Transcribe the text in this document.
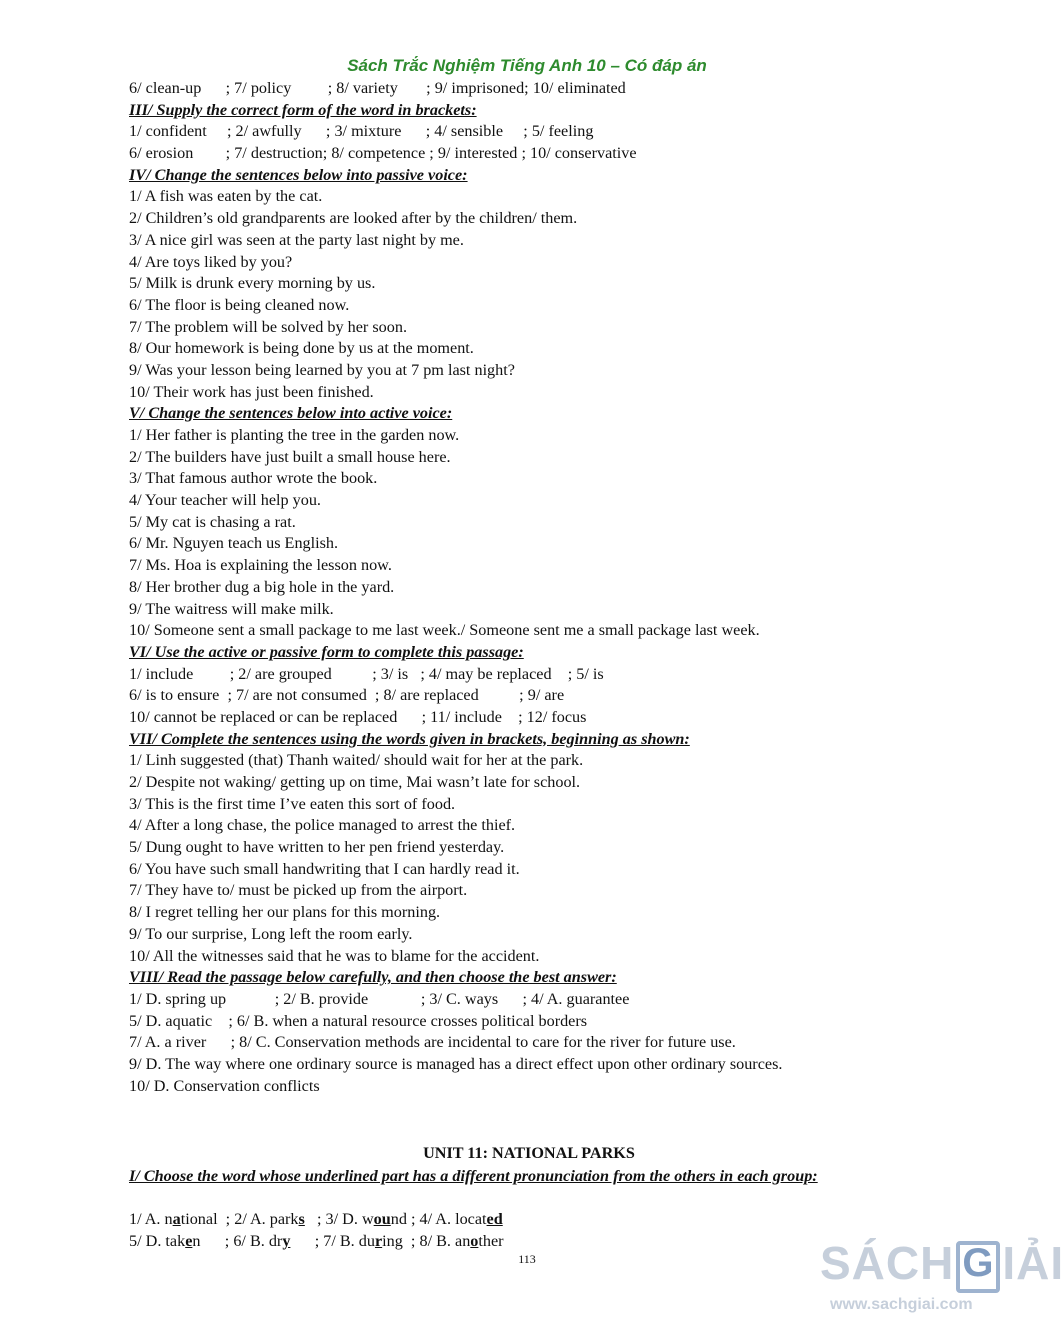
Sách Trắc Nghiệm Tiếng Anh 10 – Có đáp án
6/ clean-up      ; 7/ policy         ; 8/ variety       ; 9/ imprisoned; 10/ eliminated
III/ Supply the correct form of the word in brackets:
1/ confident     ; 2/ awfully      ; 3/ mixture      ; 4/ sensible     ; 5/ feeling
6/ erosion        ; 7/ destruction; 8/ competence ; 9/ interested ; 10/ conservative
IV/ Change the sentences below into passive voice:
1/ A fish was eaten by the cat.
2/ Children’s old grandparents are looked after by the children/ them.
3/ A nice girl was seen at the party last night by me.
4/ Are toys liked by you?
5/ Milk is drunk every morning by us.
6/ The floor is being cleaned now.
7/ The problem will be solved by her soon.
8/ Our homework is being done by us at the moment.
9/ Was your lesson being learned by you at 7 pm last night?
10/ Their work has just been finished.
V/ Change the sentences below into active voice:
1/ Her father is planting the tree in the garden now.
2/ The builders have just built a small house here.
3/ That famous author wrote the book.
4/ Your teacher will help you.
5/ My cat is chasing a rat.
6/ Mr. Nguyen teach us English.
7/ Ms. Hoa is explaining the lesson now.
8/ Her brother dug a big hole in the yard.
9/ The waitress will make milk.
10/ Someone sent a small package to me last week./ Someone sent me a small package last week.
VI/ Use the active or passive form to complete this passage:
1/ include         ; 2/ are grouped          ; 3/ is   ; 4/ may be replaced    ; 5/ is
6/ is to ensure  ; 7/ are not consumed  ; 8/ are replaced          ; 9/ are
10/ cannot be replaced or can be replaced      ; 11/ include    ; 12/ focus
VII/ Complete the sentences using the words given in brackets, beginning as shown:
1/ Linh suggested (that) Thanh waited/ should wait for her at the park.
2/ Despite not waking/ getting up on time, Mai wasn’t late for school.
3/ This is the first time I’ve eaten this sort of food.
4/ After a long chase, the police managed to arrest the thief.
5/ Dung ought to have written to her pen friend yesterday.
6/ You have such small handwriting that I can hardly read it.
7/ They have to/ must be picked up from the airport.
8/ I regret telling her our plans for this morning.
9/ To our surprise, Long left the room early.
10/ All the witnesses said that he was to blame for the accident.
VIII/ Read the passage below carefully, and then choose the best answer:
1/ D. spring up            ; 2/ B. provide             ; 3/ C. ways      ; 4/ A. guarantee
5/ D. aquatic    ; 6/ B. when a natural resource crosses political borders
7/ A. a river      ; 8/ C. Conservation methods are incidental to care for the river for future use.
9/ D. The way where one ordinary source is managed has a direct effect upon other ordinary sources.
10/ D. Conservation conflicts
UNIT 11: NATIONAL PARKS
I/ Choose the word whose underlined part has a different pronunciation from the others in each group:
1/ A. national  ; 2/ A. parks   ; 3/ D. wound ; 4/ A. located
5/ D. taken      ; 6/ B. dry      ; 7/ B. during  ; 8/ B. another
113	SÁCH G IẢI
www.sachgiai.com
